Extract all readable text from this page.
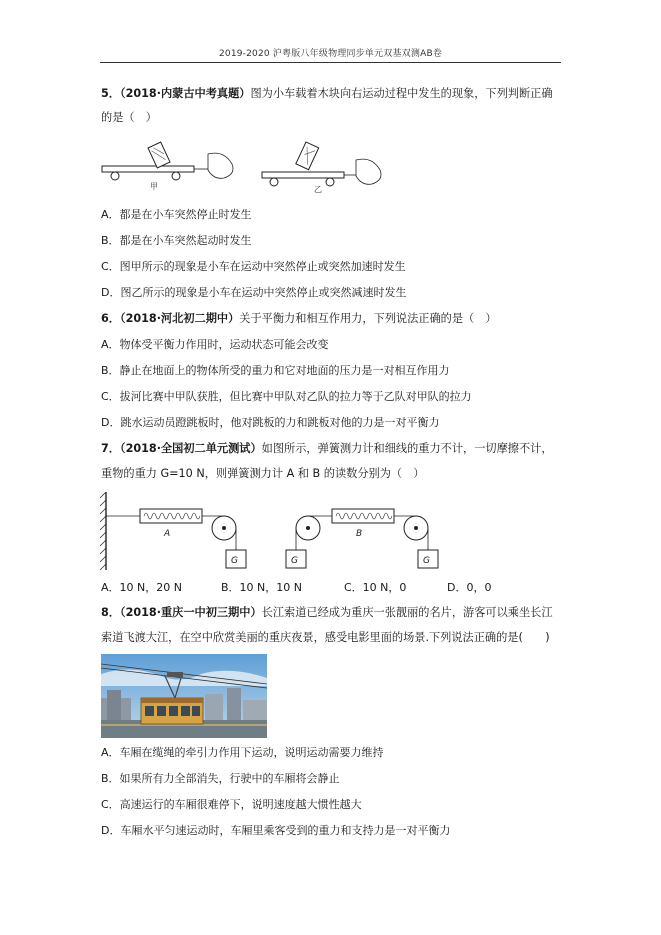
2019-2020 沪粤版八年级物理同步单元双基双测AB卷
5．（2018·内蒙古中考真题）图为小车载着木块向右运动过程中发生的现象，下列判断正确
的是（　）
甲	乙
A．都是在小车突然停止时发生
B．都是在小车突然起动时发生
C．图甲所示的现象是小车在运动中突然停止或突然加速时发生
D．图乙所示的现象是小车在运动中突然停止或突然减速时发生
6．（2018·河北初二期中）关于平衡力和相互作用力，下列说法正确的是（　）
A．物体受平衡力作用时，运动状态可能会改变
B．静止在地面上的物体所受的重力和它对地面的压力是一对相互作用力
C．拔河比赛中甲队获胜，但比赛中甲队对乙队的拉力等于乙队对甲队的拉力
D．跳水运动员蹬跳板时，他对跳板的力和跳板对他的力是一对平衡力
7．（2018·全国初二单元测试）如图所示，弹簧测力计和细线的重力不计，一切摩擦不计，
重物的重力 G=10 N，则弹簧测力计 A 和 B 的读数分别为（　）
A
G
B
G	G
A．10 N，20 N	B．10 N，10 N	C．10 N，0	D．0，0
8．（2018·重庆一中初三期中）长江索道已经成为重庆一张靓丽的名片，游客可以乘坐长江
索道飞渡大江，在空中欣赏美丽的重庆夜景，感受电影里面的场景.下列说法正确的是(　　)
A．车厢在缆绳的牵引力作用下运动，说明运动需要力维持
B．如果所有力全部消失，行驶中的车厢将会静止
C．高速运行的车厢很难停下，说明速度越大惯性越大
D．车厢水平匀速运动时，车厢里乘客受到的重力和支持力是一对平衡力
